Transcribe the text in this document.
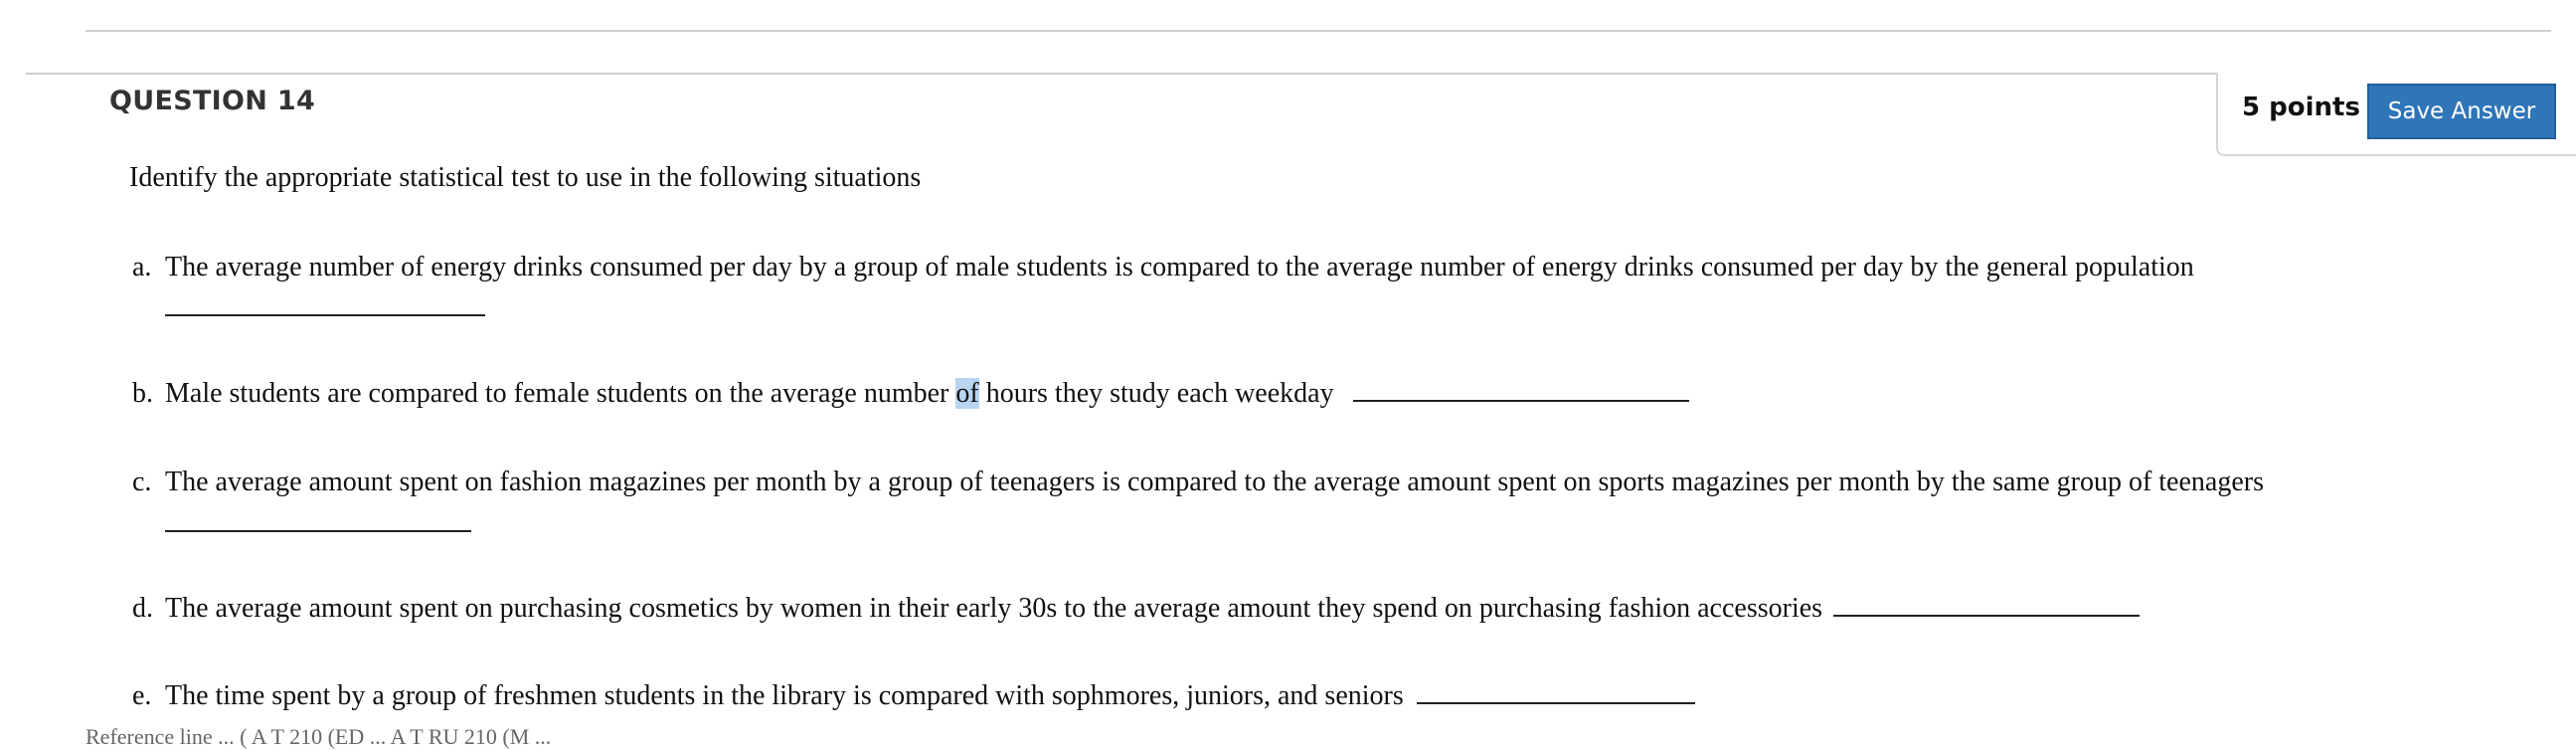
QUESTION 14	5 points	Save Answer
Identify the appropriate statistical test to use in the following situations
a. The average number of energy drinks consumed per day by a group of male students is compared to the average number of energy drinks consumed per day by the general population
b. Male students are compared to female students on the average number of hours they study each weekday
c. The average amount spent on fashion magazines per month by a group of teenagers is compared to the average amount spent on sports magazines per month by the same group of teenagers
d. The average amount spent on purchasing cosmetics by women in their early 30s to the average amount they spend on purchasing fashion accessories
e. The time spent by a group of freshmen students in the library is compared with sophmores, juniors, and seniors
Reference line ... ( A T 210 (ED ... A T RU 210 (M ...
